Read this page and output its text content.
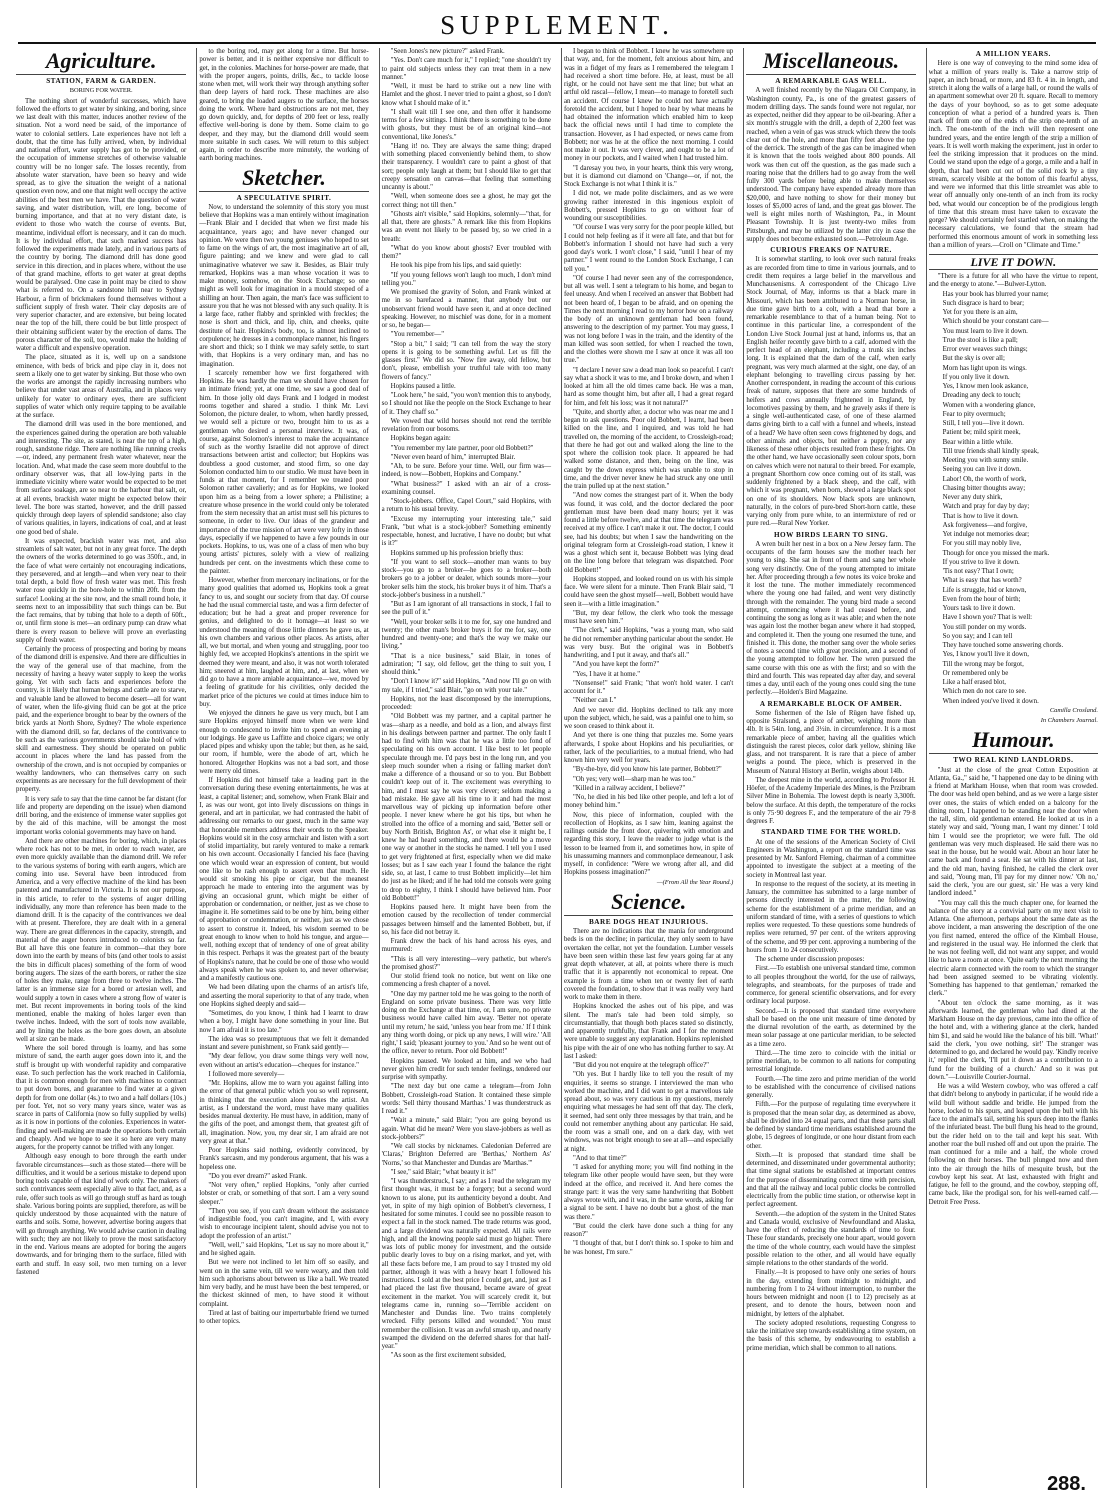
SUPPLEMENT.
Agriculture.
STATION, FARM & GARDEN.
BORING FOR WATER.

The nothing short of wonderful successes, which have followed the efforts to get water by sinking, and boring, since we last dealt with this matter, induces another review of the situation. Not a word need be said, of the importance of water to colonial settlers. Late experiences have not left a doubt, that the time has fully arrived, when, by individual and national effort, water supply has got to be provided, or the occupation of immense stretches of otherwise valuable country will be no longer safe. The losses recently, from absolute water starvation, have been so heavy and wide spread, as to give the situation the weight of a national question even now, and one that might well occupy the active abilities of the best men we have. That the question of water saving, and water distribution, will, ere long, become of burning importance, and that at no very distant date, is evident to those who watch the course of events. But, meantime, individual effort is necessary, and it can do much. It is by individual effort, that such marked success has followed the experiments made lately, and in various parts of the country by boring. The diamond drill has done good service in this direction, and in places where, without the use of that grand machine, efforts to get water at great depths would be paralysed. One case in point may be cited to show what is referred to. On a sandstone hill near to Sydney Harbour, a firm of brickmakers found themselves without a sufficient supply of fresh water. Their clay deposits are of very superior character, and are extensive, but being located near the top of the hill, there could be but little prospect of their obtaining sufficient water by the erection of dams. The porous character of the soil, too, would make the holding of water a difficult and expensive operation.

The place, situated as it is, well up on a sandstone eminence, with beds of brick and pipe clay in it, does not seem a likely one to get water by sinking. But those who own the works are amongst the rapidly increasing numbers who believe that under vast areas of Australia, and in places very unlikely for water to ordinary eyes, there are sufficient supplies of water which only require tapping to be available at the surface.

The diamond drill was used in the bore mentioned, and the experiences gained during the operation are both valuable and interesting. The site, as stated, is near the top of a high, rough, sandstone ridge. There are nothing like running creeks—or, indeed, any permanent fresh water whatever, near the location. And, what made the case seem more doubtful to the ordinary observer was, that all low-lying parts in the immediate vicinity where water would be expected to be met from surface soakage, are so near to the harbour that salt, or, at all events, brackish water might be expected below their level. The bore was started, however, and the drill passed quickly through deep layers of splendid sandstone; also clay of various qualities, in layers, indications of coal, and at least one good bed of shale.

It was expected, brackish water was met, and also streamlets of salt water, but not in any great force. The depth the owners of the works determined to go was 350ft., and, in the face of what were certainly not encouraging indications, they persevered, and at length—and when very near to their total depth, a bold flow of fresh water was met. This fresh water rose quickly in the bore-hole to within 20ft. from the surface! Looking at the site now, and the small round hole, it seems next to an impossibility that such things can be. But the fact remains, that by tubing that hole to a depth of 60ft., or, until firm stone is met—an ordinary pump can draw what there is every reason to believe will prove an everlasting supply of fresh water.

Certainly the process of prospecting and boring by means of the diamond drill is expensive. And there are difficulties in the way of the general use of that machine, from the necessity of having a heavy water supply to keep the works going. Yet with such facts and experiences before the country, is it likely that human beings and cattle are to starve, and valuable land be allowed to become desert—all for want of water, when the life-giving fluid can be got at the price paid, and the experience brought to bear by the owners of the brick yards at North Shore, Sydney? The whole experience with the diamond drill, so far, declares of the contrivance to be such as the various governments should take hold of with skill and earnestness. They should be operated on public account in places where the land has passed from the ownership of the crown, and is not occupied by companies or wealthy landowners, who can themselves carry on such experiments as are necessary for the full development of their property.

It is very safe to say that the time cannot be far distant (for life and property are depending on the issue) when diamond drill boring, and the existence of immense water supplies got by the aid of this machine, will be amongst the most important works colonial governments may have on hand.

And there are other machines for boring, which, in places where rock has not to be met, in order to reach water, are even more quickly available than the diamond drill. We refer to the various systems of boring with earth augers, which are coming into use. Several have been introduced from America, and a very effective machine of the kind has been patented and manufactured in Victoria. It is not our purpose, in this article, to refer to the systems of auger drilling individually, any more than reference has been made to the diamond drill. It is the capacity of the contrivances we deal with at present. Therefore, they are dealt with in a general way. There are great differences in the capacity, strength, and material of the auger borers introduced to colonists so far. But all have this one feature in common—that they bore down into the earth by means of bits (and other tools to assist the bits in difficult places) something of the form of wood boring augers. The sizes of the earth borers, or rather the size of holes they make, range from three to twelve inches. The latter is an immense size for a bored or artesian well, and would supply a town in cases where a strong flow of water is met. But recent improvements in boring tools of the kind mentioned, enable the making of holes larger even than twelve inches. Indeed, with the sort of tools now available, and by lining the holes as the bore goes down, an absolute well at size can be made.

Where the soil bored through is loamy, and has some mixture of sand, the earth auger goes down into it, and the stuff is brought up with wonderful rapidity and comparative ease. To such perfection has the work reached in California, that it is common enough for men with machines to contract to put down bores, and guarantee to find water at a given depth for from one dollar (4s.) to two and a half dollars (10s.) per foot. Yet, not so very many years since, water was as scarce in parts of California (now so fully supplied by wells) as it is now in portions of the colonies. Experiences in water-finding and well-making are made the operations both certain and cheaply. And we hope to see it so here are very many augers, for the property cannot be trifled with any longer.

Although easy enough to bore through the earth under favorable circumstances—such as those stated—there will be difficulties, and it would be a serious mistake to depend upon boring tools capable of that kind of work only. The makers of such contrivances seem especially alive to that fact, and, as a rule, offer such tools as will go through stuff as hard as tough shale. Various boring points are supplied, therefore, as will be quickly understood by those acquainted with the nature of earths and soils. Some, however, advertise boring augers that will go through anything. We would advise caution in dealing with such; they are not likely to prove the most satisfactory in the end. Various means are adopted for boring the augers downwards, and for bringing them to the surface, filled with earth and stuff. In easy soil, two men turning on a lever fastened

to the boring rod, may get along for a time. But horse-power is better, and it is neither expensive nor difficult to get, in the colonies. Machines for horse-power are made, that with the proper augers, points, drills, &c., to tackle loose stone when met, will work their way through anything softer than deep layers of hard rock. These machines are also geared, to bring the loaded augers to the surface, the horses doing the work. Where hard obstructions are not met, they go down quickly, and, for depths of 200 feet or less, really effective well-boring is done by them. Some claim to go deeper, and they may, but the diamond drill would seem more suitable in such cases. We will return to this subject again, in order to describe more minutely, the working of earth boring machines.

Sketcher.
A SPECULATIVE SPIRIT.

Now, to understand the solemnity of this story you must believe that Hopkins was a man entirely without imagination—Frank Blair and I decided that when we first made his acquaintance, years ago; and have never changed our opinion. We were then two young geniuses who hoped to set to fame on the wings of art, the most imaginative art of all, figure painting; and we knew and were glad to call unimaginative whatever we saw it. Besides, as Blair truly remarked, Hopkins was a man whose vocation it was to make money, somehow, on the Stock Exchange; so one might as well look for imagination in a mould steeped of a shilling an hour. Then again, the man's face was sufficient to assure you that he was not blessed with any such quality. It is a large face, rather flabby and sprinkled with freckles; the nose is short and thick, and lip, chin, and cheeks, quite destitute of hair. Hopkins's body, too, is almost inclined to corpulence; he dresses in a commonplace manner, his fingers are short and thick; so I think we may safely settle, to start with, that Hopkins is a very ordinary man, and has no imagination.

I scarcely remember how we first forgathered with Hopkins. He was hardly the man we should have chosen for an intimate friend; yet, at one time, we saw a good deal of him. In those jolly old days Frank and I lodged in modest rooms together and shared a studio. I think Mr. Levi Solomon, the picture dealer, to whom, when hardly pressed, we would sell a picture or two, brought him to us as a gentleman who desired a personal interview. It was, of course, against Solomon's interest to make the acquaintance of such as the worthy Israelite did not approve of direct transactions between artist and collector; but Hopkins was doubtless a good customer, and stood firm, so one day Solomon conducted him to our studio. We must have been in funds at that moment, for I remember we treated poor Solomon rather cavalierly; and as for Hopkins, we looked upon him as a being from a lower sphere; a Philistine; a creature whose presence in the world could only be tolerated from the stern necessity that an artist must sell his pictures to someone, in order to live. Our ideas of the grandeur and importance of the true mission of art were very lofty in those days, especially if we happened to have a few pounds in our pockets. Hopkins, to us, was one of a class of men who buy young artists' pictures, solely with a view of realizing hundreds per cent. on the investments which these come to the painter.

However, whether from mercenary inclinations, or for the many good qualities that adorned us, Hopkins took a great fancy to us, and sought our society from that day. Of course he had the usual commercial taste, and was a firm defecter of education; but he had a great and proper reverence for genius, and delighted to do it homage—at least so we understood the meaning of those little dinners he gave us, at his own chambers and various other places. As artists, after all, we but mortal, and when young and struggling, poor too highly fed, we accepted Hopkins's attentions in the spirit we deemed they were meant, and also, it was not worth tolerated him; sneered at him, laughed at him, and, at last, when we did go to have a more amiable acquaintance—we, moved by a feeling of gratitude for his civilities, only decided the market price of the pictures we could at times induce him to buy.

We enjoyed the dinners he gave us very much, but I am sure Hopkins enjoyed himself more when we were kind enough to condescend to invite him to spend an evening at our lodgings. He gave us Laffitte and choice cigars; we only placed pipes and whisky upon the table; but then, as he said, our room, if humble, were the abode of art, which he honored. Altogether Hopkins was not a bad sort, and those were merry old times.

If Hopkins did not himself take a leading part in the conversation during these evening entertainments, he was at least, a capital listener; and, somehow, when Frank Blair and I, as was our wont, got into lively discussions on things in general, and art in particular, we had contrasted the habit of addressing our remarks to our guest, much in the same way that honorable members address their words to the Speaker. Hopkins would sit in the cosy armchair and listen with a sort of stolid impartiality, but rarely ventured to make a remark on his own account. Occasionally I fancied his face (having one which would wear an expression of content, but would one like to be rash enough to assert even that much. He would sit smoking his pipe or cigar, but the meanest approach he made to entering into the argument was by giving an occasional grunt, which might be either of approbation or condemnation, or neither, just as we chose to imagine it. He sometimes said to be one by him, being either of approbation or condemnation, or neither, just as we chose to assert to construe it. Indeed, his wisdom seemed to be great enough to know when to hold his tongue, and argue—well, nothing except that of tendency of one of great ability in this respect. Perhaps it was the greatest part of the beauty of Hopkins's nature, that he could be one of those who would always speak when he was spoken to, and never otherwise; and a manifestly cautious one.

We had been dilating upon the charms of an artist's life, and asserting the moral superiority to that of any trade, when one Hopkins sighed deeply and said—

"Sometimes, do you know, I think had I learnt to draw when a boy, I might have done something in your line. But now I am afraid it is too late."

The idea was so presumptuous that we felt it demanded instant and severe punishment, so Frank said gently—

"My dear fellow, you draw some things very well now, even without an artist's education—cheques for instance."

I followed more severely—

"Mr. Hopkins, allow me to warn you against falling into the error of that general public which you so well represent, in thinking that the execution alone makes the artist. An artist, as I understand the word, must have many qualities besides manual dexterity. He must have, in addition, many of the gifts of the poet, and amongst them, that greatest gift of all, imagination. Now, you, my dear sir, I am afraid are not very great at that."

Poor Hopkins said nothing, evidently convinced, by Frank's sarcasm, and my ponderous argument, that his was a hopeless one.

"Do you ever dream?" asked Frank.

"Not very often," replied Hopkins, "only after curried lobster or crab, or something of that sort. I am a very sound sleeper."

"Then you see, if you can't dream without the assistance of indigestible food, you can't imagine, and I, with every wish to encourage incipient talent, should advise you not to adopt the profession of an artist."

"Well, well," said Hopkins, "Let us say no more about it," and he sighed again.

But we were not inclined to let him off so easily, and went on in the same vein, till we were weary, and then told him such aphorisms about between us like a ball. We treated him very badly, and he must have been the best tempered, or the thickest skinned of men, to have stood it without complaint.

Tired at last of baiting our imperturbable friend we turned to other topics.

"Seen Jones's new picture?" asked Frank.

"Yes. Don't care much for it," I replied; "one shouldn't try to paint old subjects unless they can treat them in a new manner."

"Well, it must be hard to strike out a new line with Hamlet and the ghost. I never tried to paint a ghost, so I don't know what I should make of it."

"I shall wait till I see one, and then offer it handsome terms for a few sittings. I think there is something to be done with ghosts, but they must be of an original kind—not conventional, like Jones's."

"Hang it! no. They are always the same thing; draped with something placed conveniently behind them, to show their transparency. I wouldn't care to paint a ghost of that sort; people only laugh at them; but I should like to get that creepy sensation on canvas—that feeling that something uncanny is about."

"Well, when someone does see a ghost, he may get the correct thing; not till then."

"Ghosts ain't visible," said Hopkins, solemnly—"that, for all that, there are ghosts." A remark like this from Hopkins was an event not likely to be passed by, so we cried in a breath:

"What do you know about ghosts? Ever troubled with them?"

He took his pipe from his lips, and said quietly:

"If you young fellows won't laugh too much, I don't mind telling you."

We promised the gravity of Solon, and Frank winked at me in so barefaced a manner, that anybody but our unobservant friend would have seen it, and at once declined speaking. However, no mischief was done, for in a moment or so, he began—

"You remember—"

"Stop a bit," I said; "I can tell from the way the story opens it is going to be something awful. Let us fill the glasses first." We did so. "Now fire away, old fellow, but don't, please, embellish your truthful tale with too many flowers of fancy."

Hopkins paused a little.

"Look here," he said, "you won't mention this to anybody, so I should not like the people on the Stock Exchange to hear of it. They chaff so."

We vowed that wild horses should not rend the terrible revelation from our bosoms.

Hopkins began again:

"You remember my late partner, poor old Bobbett?"

"Never even heard of him," interrupted Blair.

"Ah, to be sure. Before your time. Well, our firm was—indeed, is now—Bobbett, Hopkins and Company."

"What business?" I asked with an air of a cross-examining counsel.

"Stock-jobbers. Office, Capel Court," said Hopkins, with a return to his usual brevity.

"Excuse my interrupting your interesting tale," said Frank, "but what is a stock-jobber? Something eminently respectable, honest, and lucrative, I have no doubt; but what is it?"

Hopkins summed up his profession briefly thus:

"If you want to sell stock—another man wants to buy stock—you go to a broker—he goes to a broker—both brokers go to a jobber or dealer, which sounds more—your broker sells him the stock, his broker buys it of him. That's a stock-jobber's business in a nutshell."

"But as I am ignorant of all transactions in stock, I fail to see the pull of it."

"Well, your broker sells it to me for, say one hundred and twenty; the other man's broker buys it for me for, say, one hundred and twenty-one; and that's the way we make our living."

"That is a nice business," said Blair, in tones of admiration; "I say, old fellow, get the thing to suit you, I should think."

"Don't I know it?" said Hopkins, "And now I'll go on with my tale, if I tried," said Blair, "go on with your tale."

Hopkins, not the least discomposed by the interruptions, proceeded:

"Old Bobbett was my partner, and a capital partner he was—sharp as a needle, and bold as a lion, and always first in his dealings between partner and partner. The only fault I had to find with him was that he was a little too fond of speculating on his own account. I like best to let people speculate through me. I'd pays best in the long run, and you sleep much sounder when a rising or falling market don't make a difference of a thousand or so to you. But Bobbett couldn't keep out of it. The excitement was everything to him, and I must say he was very clever; seldom making a bad mistake. He gave all his time to it and had the most marvellous way of picking up information before other people. I never knew where he got his tips, but when he strolled into the office of a morning and said, 'Better sell or buy North British, Brighton As', or what else it might be, I knew he had heard something, and there would be a move one way or another in the stocks he named. I tell you I used to get very frightened at first, especially when we did make losses; but as I saw each year I found the balance the right side, so, at last, I came to trust Bobbett implicitly—let him do just as he liked; and if he had told me consols were going to drop to eighty, I think I should have believed him. Poor old Bobbett!"

Hopkins paused here. It might have been from the emotion caused by the recollection of tender commercial passages between himself and the lamented Bobbett, but, if so, his face did not betray it.

Frank drew the back of his hand across his eyes, and murmured:

"This is all very interesting—very pathetic, but where's the promised ghost?"

Our stolid friend took no notice, but went on like one commencing a fresh chapter of a novel.

"One day my partner told me he was going to the north of England on some private business. There was very little doing on the Exchange at that time, or, I am sure, no private business would have called him away. 'Better not operate until my return,' he said, 'unless you hear from me.' If I think any thing worth doing, or pick up any news, I will wire.' 'All right,' I said; 'pleasant journey to you.' And so he went out of the office, never to return. Poor old Bobbett!"

Hopkins paused. We looked at him, and we who had never given him credit for such tender feelings, tendered our surprise with sympathy.

"The next day but one came a telegram—from John Bobbett, Crossleigh-road Station. It contained these simple words: 'Sell thirty thousand Marthas.' I was thunderstruck as I read it."

"Wait a minute," said Blair; "you are going beyond us again. What did he mean? Were you slave-jobbers as well as stock-jobbers?"

"We call stocks by nicknames. Caledonian Deferred are 'Claras,' Brighton Deferred are 'Berthas,' Northern As' 'Norns,' so that Manchester and Dundas are 'Marthas.'"

"I see," said Blair; "what beauty it is!"

"I was thunderstruck, I say; and as I read the telegram my first thought was, it must be a forgery; but a second word known to us alone, put its authenticity beyond a doubt. And yet, in spite of my high opinion of Bobbett's cleverness, I hesitated for some minutes. I could see no possible reason to expect a fall in the stock named. The trade returns was good, and a large dividend was naturally expected. All rails were high, and all the knowing people said must go higher. There was lots of public money for investment, and the outside public dearly loves to buy on a rising market, and yet, with all these facts before me, I am proud to say I trusted my old partner, although it was with a heavy heart I followed his instructions. I sold at the best price I could get, and, just as I had placed the last five thousand, became aware of great excitement in the market. You will scarcely credit it, but telegrams came in, running so—'Terrible accident on Manchester and Dundas line. Two trains completely wrecked. Fifty persons killed and wounded.' You must remember the collision. It was an awful smash up, and nearly swamped the dividend on the deferred shares for that half-year."

"As soon as the first excitement subsided,

I began to think of Bobbett. I knew he was somewhere up that way, and, for the moment, felt anxious about him, and was in a fidget of my fears as I remembered the telegram I had received a short time before. He, at least, must be all right, or he could not have sent me that line; but what an artful old rascal—fellow, I mean—to manage to foretell such an accident. Of course I knew he could not have actually foretold the accident, but I hoped to hear by what means he had obtained the information which enabled him to keep back the official news until I had time to complete the transaction. Hovever, as I had expected, or news came from Bobbett; nor was he at the office the next morning. I could not make it out. It was very clever, and ought to be a lot of money in our pockets, and I waited when I had trusted him.

"I daresay you two, in your hearts, think this very wrong, but it is diamond cut diamond on 'Change—or, if not, the Stock Exchange is not what I think it is."

I did not, we made polite disclaimers, and as we were growing rather interested in this ingenious exploit of Bobbett's, pressed Hopkins to go on without fear of wounding our susceptibilities.

"Of course I was very sorry for the poor people killed, but I could not help feeling as if it were all fate, and that but for Bobbett's information I should not have had such a very good day's work. I won't close," I said, "until I hear of my partner." I went round to the London Stock Exchange, I can tell you."

"Of course I had never seen any of the correspondence, but all was well. I sent a telegram to his home, and began to feel uneasy. And when I received an answer that Bobbett had not been heard of, I began to be afraid, and on opening the Times the next morning I read to my horror how on a railway the body of an unknown gentleman had been found, answering to the description of my partner. You may guess, I was not long before I was in the train, and the identity of the man killed was soon settled, for when I reached the town, and the clothes were shown me I saw at once it was all too true."

"I declare I never saw a dead man look so peaceful. I can't say what a shock it was to me, and I broke down, and when I looked at him all the old times came back. He was a man, hard as some thought him, but after all, I had a great regard for him, and felt his loss; was it not natural?"

"Quite, and shortly after, a doctor who was near me and I began to ask questions. Poor old Bobbett, I learnt, had been killed on the line, and I inquired, and was told he had travelled on, the morning of the accident, to Crossleigh-road; that there he had got out and walked along the line to the spot where the collision took place. It appeared he had walked some distance, and then, being on the line, was caught by the down express which was unable to stop in time, and the driver never knew he had struck any one until the train pulled up at the next station."

"And now comes the strangest part of it. When the body was found, it was cold, and the doctor declared the poor gentleman must have been dead many hours; yet it was found a little before twelve, and at that time the telegram was received at my office. I can't make it out. The doctor, I could see, had his doubts; but when I saw the handwriting on the original telegram form at Crossleigh-road station, I knew it was a ghost which sent it, because Bobbett was lying dead on the line long before that telegram was dispatched. Poor old Bobbett!"

Hopkins stopped, and looked round on us with his simple face. We were silent for a minute. Then Frank Blair said, "I could have seen the ghost myself—well, Bobbett would have seen it—with a little imagination."

"But, my dear fellow, the clerk who took the message must have seen him."

"The clerk," said Hopkins, "was a young man, who said he did not remember anything particular about the sender. He was very busy. But the original was in Bobbett's handwriting, and I put it away, and that's all."

"And you have kept the form?"

"Yes, I have it at home."

"Nonsense!" said Frank; "that won't hold water. I can't account for it."

"Neither can I."

And we never did. Hopkins declined to talk any more upon the subject, which, he said, was a painful one to him, so we soon ceased to think about it.

And yet there is one thing that puzzles me. Some years afterwards, I spoke about Hopkins and his peculiarities, or rather, lack of the peculiarities, to a mutual friend, who had known him very well for years.

"By-the-bye, did you know his late partner, Bobbett?"

"Oh yes; very well—sharp man he was too."

"Killed in a railway accident, I believe?"

"No, he died in his bed like other people, and left a lot of money behind him."

Now, this piece of information, coupled with the recollection of Hopkins, as I saw him, leaning against the railings outside the front door, quivering with emotion and regarding this story, I leave the reader to judge what is the lesson to be learned from it, and sometimes how, in spite of his unassuming manners and commonplace demeanour, I ask myself, in confidence: "Were we wrong after all, and did Hopkins possess imagination?"

—(From All the Year Round.)
Science.
BARE DOGS HEAT INJURIOUS.

There are no indications that the mania for underground beds is on the decline; in particular, they only seem to have overtaken the cellar, not yet the foundation. Lumber vessels have been seen within these last few years going far at any great depth whatever, at all, at points where there is much traffic that it is apparently not economical to repeat. One example is from a time when ten or twenty feet of earth covered the foundation, to show that it was really very hard work to make them in there.

Hopkins knocked the ashes out of his pipe, and was silent. The man's tale had been told simply, so circumstantially, that though both places stated so distinctly, and apparently truthfully, that Frank and I for the moment were unable to suggest any explanation. Hopkins replenished his pipe with the air of one who has nothing further to say. At last I asked:

"But did you not enquire at the telegraph office?"

"Oh yes. But I hardly like to tell you the result of my enquiries, it seems so strange. I interviewed the man who worked the machine, and I did want to get a marvellous tale spread about, so was very cautious in my questions, merely enquiring what messages he had sent off that day. The clerk, it seemed, had sent only three messages by that train, and he could not remember anything about any particular. He said, the room was a small one, and on a dark day, with wet windows, was not bright enough to see at all—and especially at night.

"And to that time?"

"I asked for anything more; you will find nothing in the telegram like other people would have seen, but they were indeed at the office, and received it. And here comes the strange part: it was the very same handwriting that Bobbett always wrote with, and it was, in the same words, asking for a signal to be sent. I have no doubt but a ghost of the man was there."

"But could the clerk have done such a thing for any reason?"

"I thought of that, but I don't think so. I spoke to him and he was honest, I'm sure."

Miscellaneous.
A REMARKABLE GAS WELL.

A well finished recently by the Niagara Oil Company, in Washington county, Pa., is one of the greatest gassers of modern drilling days. The sands found were not regular, nor as expected, neither did they appear to be oil-bearing. After a six month's struggle with the drill, a depth of 2,200 feet was reached, when a vein of gas was struck which threw the tools clear out of the hole, and more than fifty feet above the top of the derrick. The strength of the gas can be imagined when it is known that the tools weighed about 800 pounds. All work was then cut off the question, as the gas made such a roaring noise that the drillers had to go away from the well fully 300 yards before being able to make themselves understood. The company have expended already more than $20,000, and have nothing to show for their money but losses of $5,000 acres of land, and the great gas blower. The well is eight miles north of Washington, Pa., in Mount Pleasant Township. It is just twenty-two miles from Pittsburgh, and may be utilized by the latter city in case the supply does not become exhausted soon.—Petroleum Age.

CURIOUS FREAKS OF NATURE.

It is somewhat startling, to look over such natural freaks as are recorded from time to time in various journals, and to credit them requires a large belief in the marvellous and Munchausenisms. A correspondent of the Chicago Live Stock Journal, of May, informs us that a black mare in Missouri, which has been attributed to a Norman horse, in due time gave birth to a colt, with a head that bore a remarkable resemblance to that of a human being. Not to continue in this particular line, a correspondent of the London Live Stock Journal just at hand, informs us, that an English heifer recently gave birth to a calf, adorned with the perfect head of an elephant, including a trunk six inches long. It is explained that the dam of the calf, when early pregnant, was very much alarmed at the sight, one day, of an elephant belonging to travelling circus passing by her. Another correspondent, in reading the account of this curious freak of nature, supposes that there are some hundreds of heifers and cows annually frightened in England, by locomotives passing by them, and he gravely asks if there is a single well-authenticated case, of one of these alarmed dams giving birth to a calf with a funnel and wheels, instead of a head? We have often seen cows frightened by dogs, and other animals and objects, but neither a puppy, nor any likeness of these other objects resulted from these frights. On the other hand, we have occasionally seen colour spots, born on calves which were not natural to their breed. For example, a pregnant Shorthorn cow once coming out of its stall, was suddenly frightened by a black sheep, and the calf, with which it was pregnant, when born, showed a large black spot on one of its shoulders. Now black spots are unknown, naturally, in the colors of pure-bred Short-horn cattle, these varying only from pure white, to an intermixture of red or pure red.—Rural New Yorker.

HOW BIRDS LEARN TO SING.

A wren built her nest in a box on a New Jersey farm. The occupants of the farm houses saw the mother teach her young to sing. She sat in front of them and sang her whole song very distinctly. One of the young attempted to imitate her. After proceeding through a few notes its voice broke and it lost the tune. The mother immediately recommenced where the young one had failed, and went very distinctly through with the remainder. The young bird made a second attempt, commencing where it had ceased before, and continuing the song as long as it was able; and when the note was again lost the mother began anew where it had stopped, and completed it. Then the young one resumed the tune, and finished it. This done, the mother sang over the whole series of notes a second time with great precision, and a second of the young attempted to follow her. The wren pursued the same course with this one as with the first; and so with the third and fourth. This was repeated day after day, and several times a day, until each of the young ones could sing the tune perfectly.—Holden's Bird Magazine.

A REMARKABLE BLOCK OF AMBER.

Some fishermen of the Isle of Rügen have fished up, opposite Stralsund, a piece of amber, weighing more than 4lb. It is 54in. long, and 3½in. in circumference. It is a most remarkable piece of amber, having all the qualities which distinguish the rarest pieces, color dark yellow, shining like glass, and not transparent. It is rare that a piece of amber weighs a pound. The piece, which is preserved in the Museum of Natural History at Berlin, weighs about 14lb.

The deepest mine in the world, according to Professor H. Höefer, of the Academy Imperiale des Mines, is the Przibram Silver Mine in Bohemia. The lowest depth is nearly 3,300ft. below the surface. At this depth, the temperature of the rocks is only 75·90 degrees F., and the temperature of the air 79·8 degrees F.

STANDARD TIME FOR THE WORLD.

At one of the sessions of the American Society of Civil Engineers in Washington, a report on the standard time was presented by Mr. Sanford Fleming, chairman of a committee appointed to investigate the subject at a meeting of the society in Montreal last year.

In response to the request of the society, at its meeting in January, the committee has submitted to a large number of persons directly interested in the matter, the following scheme for the establishment of a prime meridian, and an uniform standard of time, with a series of questions to which replies were requested. To these questions some hundreds of replies were returned, 97 per cent. of the writers approving of the scheme, and 99 per cent. approving a numbering of the hours from 1 to 24 consecutively.

The scheme under discussion proposes:

First.—To establish one universal standard time, common to all peoples throughout the world, for the use of railways, telegraphs, and steamboats, for the purposes of trade and commerce, for general scientific observations, and for every ordinary local purpose.

Second.—It is proposed that standard time everywhere shall be based on the one unit measure of time denoted by the diurnal revolution of the earth, as determined by the mean solar passage at one particular meridian, to be selected as a time zero.

Third.—The time zero to coincide with the initial or prime meridian, to be common to all nations for computing terrestrial longitude.

Fourth.—The time zero and prime meridian of the world to be established with the concurrence of civilised nations generally.

Fifth.—For the purpose of regulating time everywhere it is proposed that the mean solar day, as determined as above, shall be divided into 24 equal parts, and that these parts shall be defined by standard time meridians established around the globe, 15 degrees of longitude, or one hour distant from each other.

Sixth.—It is proposed that standard time shall be determined, and disseminated under governmental authority; that time signal stations be established at important centres for the purpose of disseminating correct time with precision, and that all the railway and local public clocks be controlled electrically from the public time station, or otherwise kept in perfect agreement.

Seventh.—the adoption of the system in the United States and Canada would, exclusive of Newfoundland and Alaska, have the effect of reducing the standards of time to four. These four standards, precisely one hour apart, would govern the time of the whole country, each would have the simplest possible relation to the other, and all would have equally simple relations to the other standards of the world.

Finally.—It is proposed to have only one series of hours in the day, extending from midnight to midnight, and numbering from 1 to 24 without interruption, to number the hours between midnight and noon (1 to 12) precisely as at present, and to denote the hours, between noon and midnight, by letters of the alphabet.

The society adopted resolutions, requesting Congress to take the initiative step towards establishing a time system, on the basis of this scheme, by endeavouring to establish a prime meridian, which shall be common to all nations.

A MILLION YEARS.

Here is one way of conveying to the mind some idea of what a million of years really is. Take a narrow strip of paper, an inch broad, or more, and 83 ft. 4 in. in length, and stretch it along the walls of a large hall, or round the walls of an apartment somewhat over 20 ft. square. Recall to memory the days of your boyhood, so as to get some adequate conception of what a period of a hundred years is. Then mark off from one of the ends of the strip one-tenth of an inch. The one-tenth of the inch will then represent one hundred years, and the entire length of the strip a million of years. It is well worth making the experiment, just in order to feel the striking impression that it produces on the mind. Could we stand upon the edge of a gorge, a mile and a half in depth, that had been cut out of the solid rock by a tiny stream, scarcely visible at the bottom of this fearful abyss, and were we informed that this little streamlet was able to wear off annually only one-tenth of an inch from its rocky bed, what would our conception be of the prodigious length of time that this stream must have taken to excavate the gorge? We should certainly feel startled when, on making the necessary calculations, we found that the stream had performed this enormous amount of work in something less than a million of years.—Croll on "Climate and Time."

LIVE IT DOWN.

"There is a future for all who have the virtue to repent, and the energy to atone."—Bulwer-Lytton.

Has your book has blurred your name;

Such disgrace is hard to bear;

Yet for you there is an aim,

Which should be your constant care—

You must learn to live it down.

True the stool is like a pall;

Error ever weaves such things;

But the sky is over all;

Morn has light upon its wings.

If you only live it down.

Yes, I know men look askance,

Dreading any deck to touch;

Women with a wondering glance,

Fear to pity overmuch;

Still, I tell you—live it down.

Patient be; mild spirit meek,

Bear within a little while.

Till true friends shall kindly speak,

Meeting you with sunny smile.

Seeing you can live it down.

Labor! Oh, the worth of work,

Chasing bitter thoughts away;

Never any duty shirk,

Watch and pray for day by day;

That is how to live it down.

Ask forgiveness—and forgive,

Yet indulge not memories dear;

For you still may nobly live,

Though for once you missed the mark.

If you strive to live it down.

'Tis not easy? That I own;

What is easy that has worth?

Life is struggle, hid or known,

Even from the hour of birth;

Yours task to live it down.

Have I shown you? That is well:

You still ponder on my words.

So you say; and I can tell

They have touched some answering chords.

Yes, I know you'll live it down,

Till the wrong may be forgot,

Or remembered only be

Like a half erased blot,

Which men do not care to see.

When indeed you've lived it down.

Camilla Crosland.
In Chambers Journal.
Humour.
TWO REAL KIND LANDLORDS.

"Just at the close of the great Cotton Exposition at Atlanta, Ga.," said he, "I happened one day to be dining with a friend at Markham House, when that room was crowded. The door was held open behind, and as we were a large sister over ones, the stairs of which ended on a balcony for the dining room, I happened to be standing near the door when the tall, slim, old gentleman entered. He looked at us in a stately way and said, 'Young man, I want my dinner.' I told him I would see the proprietor; we were full. The old gentleman was very much displeased. He said there was no seat in the house, but he would wait. About an hour later he came back and found a seat. He sat with his dinner at last, and the old man, having finished, he called the clerk over and said, 'Young man, I'll pay for my dinner now.' 'Oh no,' said the clerk, 'you are our guest, sir.' He was a very kind landlord indeed."

"You may call this the much chapter one, for learned the balance of the story at a convivial party on my next visit to Atlanta. One afternoon, perhaps about the same date as the above incident, a man answering the description of the one you first named, entered the office of the Kimball House, and registered in the usual way. He informed the clerk that he was not feeling well, did not want any supper, and would like to have a room at once. 'Quite early the next morning the electric alarm connected with the room to which the stranger had been assigned seemed to be vibrating violently. 'Something has happened to that gentleman,' remarked the clerk."

"About ten o'clock the same morning, as it was afterwards learned, the gentleman who had dined at the Markham House on the day previous, came into the office of the hotel and, with a withering glance at the clerk, handed him $1, and said he would like the balance of his bill. 'What!' said the clerk, 'you owe nothing, sir!' The stranger was determined to go, and declared he would pay. 'Kindly receive it,' replied the clerk, 'I'll put it down as a contribution to a fund for the building of a church.' And so it was put down."—Louisville Courier-Journal.

He was a wild Western cowboy, who was offered a calf that didn't belong to anybody in particular, if he would ride a wild bull without saddle and bridle. He jumped from the horse, locked to his spurs, and leaped upon the bull with his face to the animal's tail, setting his spurs deep into the flanks of the infuriated beast. The bull flung his head to the ground, but the rider held on to the tail and kept his seat. With another roar the bull rushed off and out upon the prairie. The man continued for a mile and a half, the whole crowd following on their horses. The bull plunged now and then into the air through the hills of mesquite brush, but the cowboy kept his seat. At last, exhausted with fright and fatigue, he fell to the ground, and the cowboy, stepping off, came back, like the prodigal son, for his well-earned calf.—Detroit Free Press.

288.
